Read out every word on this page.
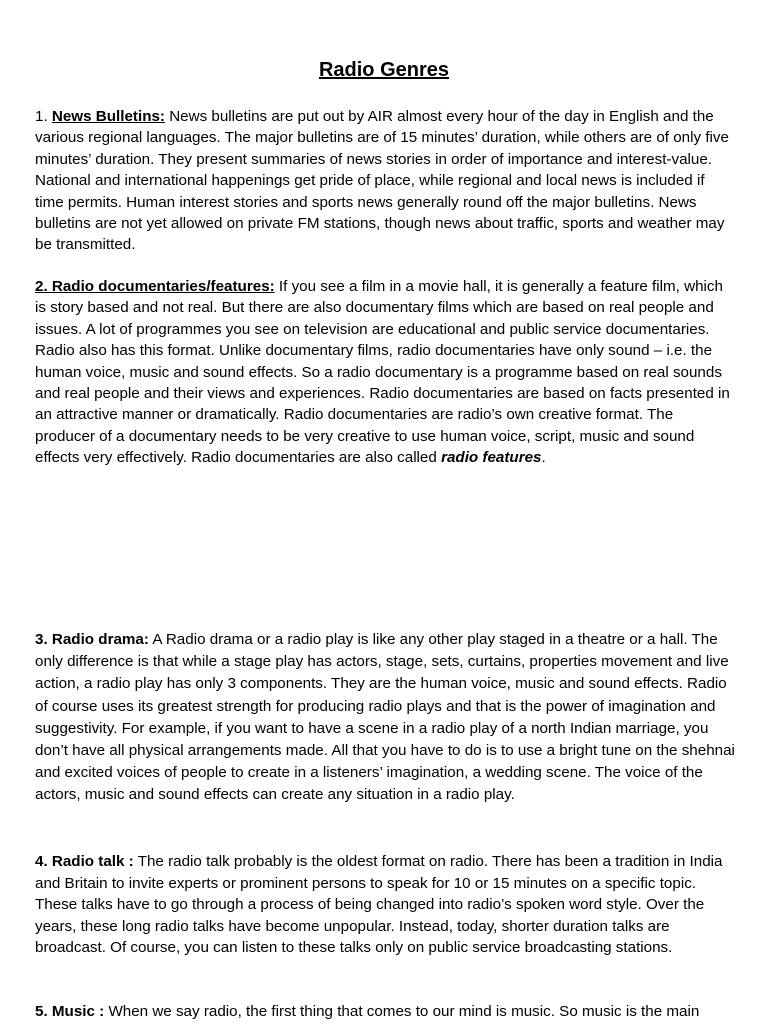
Radio Genres

1. News Bulletins: News bulletins are put out by AIR almost every hour of the day in English and the various regional languages. The major bulletins are of 15 minutes’ duration, while others are of only five minutes’ duration. They present summaries of news stories in order of importance and interest-value. National and international happenings get pride of place, while regional and local news is included if time permits. Human interest stories and sports news generally round off the major bulletins. News bulletins are not yet allowed on private FM stations, though news about traffic, sports and weather may be transmitted.

2. Radio documentaries/features: If you see a film in a movie hall, it is generally a feature film, which is story based and not real. But there are also documentary films which are based on real people and issues. A lot of programmes you see on television are educational and public service documentaries. Radio also has this format. Unlike documentary films, radio documentaries have only sound – i.e. the human voice, music and sound effects. So a radio documentary is a programme based on real sounds and real people and their views and experiences. Radio documentaries are based on facts presented in an attractive manner or dramatically. Radio documentaries are radio’s own creative format. The producer of a documentary needs to be very creative to use human voice, script, music and sound effects very effectively. Radio documentaries are also called radio features.

3. Radio drama: A Radio drama or a radio play is like any other play staged in a theatre or a hall. The only difference is that while a stage play has actors, stage, sets, curtains, properties movement and live action, a radio play has only 3 components. They are the human voice, music and sound effects. Radio of course uses its greatest strength for producing radio plays and that is the power of imagination and suggestivity. For example, if you want to have a scene in a radio play of a north Indian marriage, you don’t have all physical arrangements made. All that you have to do is to use a bright tune on the shehnai and excited voices of people to create in a listeners’ imagination, a wedding scene. The voice of the actors, music and sound effects can create any situation in a radio play.

4. Radio talk : The radio talk probably is the oldest format on radio. There has been a tradition in India and Britain to invite experts or prominent persons to speak for 10 or 15 minutes on a specific topic. These talks have to go through a process of being changed into radio’s spoken word style. Over the years, these long radio talks have become unpopular. Instead, today, shorter duration talks are broadcast. Of course, you can listen to these talks only on public service broadcasting stations.

5. Music : When we say radio, the first thing that comes to our mind is music. So music is the main
